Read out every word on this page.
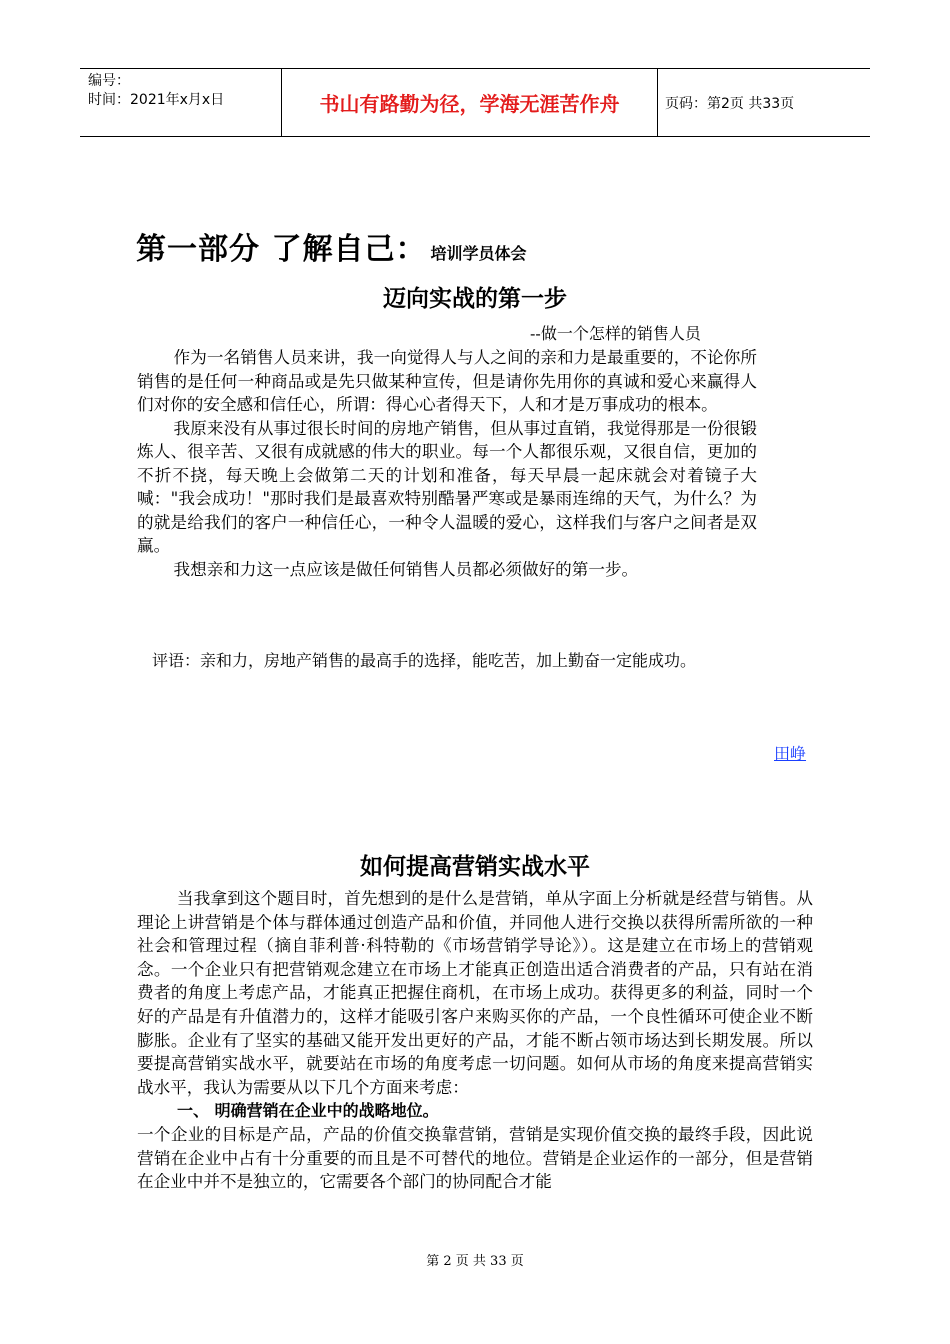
编号：
时间：2021年x月x日	书山有路勤为径，学海无涯苦作舟	页码：第2页 共33页
第一部分 了解自己： 培训学员体会
迈向实战的第一步
--做一个怎样的销售人员

作为一名销售人员来讲，我一向觉得人与人之间的亲和力是最重要的，不论你所销售的是任何一种商品或是先只做某种宣传，但是请你先用你的真诚和爱心来赢得人们对你的安全感和信任心，所谓：得心心者得天下，人和才是万事成功的根本。

我原来没有从事过很长时间的房地产销售，但从事过直销，我觉得那是一份很锻炼人、很辛苦、又很有成就感的伟大的职业。每一个人都很乐观，又很自信，更加的不折不挠，每天晚上会做第二天的计划和准备，每天早晨一起床就会对着镜子大喊："我会成功！"那时我们是最喜欢特别酷暑严寒或是暴雨连绵的天气，为什么？为的就是给我们的客户一种信任心，一种令人温暖的爱心，这样我们与客户之间者是双赢。

我想亲和力这一点应该是做任何销售人员都必须做好的第一步。

评语：亲和力，房地产销售的最高手的选择，能吃苦，加上勤奋一定能成功。
田峥
如何提高营销实战水平

当我拿到这个题目时，首先想到的是什么是营销，单从字面上分析就是经营与销售。从理论上讲营销是个体与群体通过创造产品和价值，并同他人进行交换以获得所需所欲的一种社会和管理过程（摘自菲利普·科特勒的《市场营销学导论》）。这是建立在市场上的营销观念。一个企业只有把营销观念建立在市场上才能真正创造出适合消费者的产品，只有站在消费者的角度上考虑产品，才能真正把握住商机，在市场上成功。获得更多的利益，同时一个好的产品是有升值潜力的，这样才能吸引客户来购买你的产品，一个良性循环可使企业不断膨胀。企业有了坚实的基础又能开发出更好的产品，才能不断占领市场达到长期发展。所以要提高营销实战水平，就要站在市场的角度考虑一切问题。如何从市场的角度来提高营销实战水平，我认为需要从以下几个方面来考虑：

一、 明确营销在企业中的战略地位。

一个企业的目标是产品，产品的价值交换靠营销，营销是实现价值交换的最终手段，因此说营销在企业中占有十分重要的而且是不可替代的地位。营销是企业运作的一部分，但是营销在企业中并不是独立的，它需要各个部门的协同配合才能

第 2 页 共 33 页
